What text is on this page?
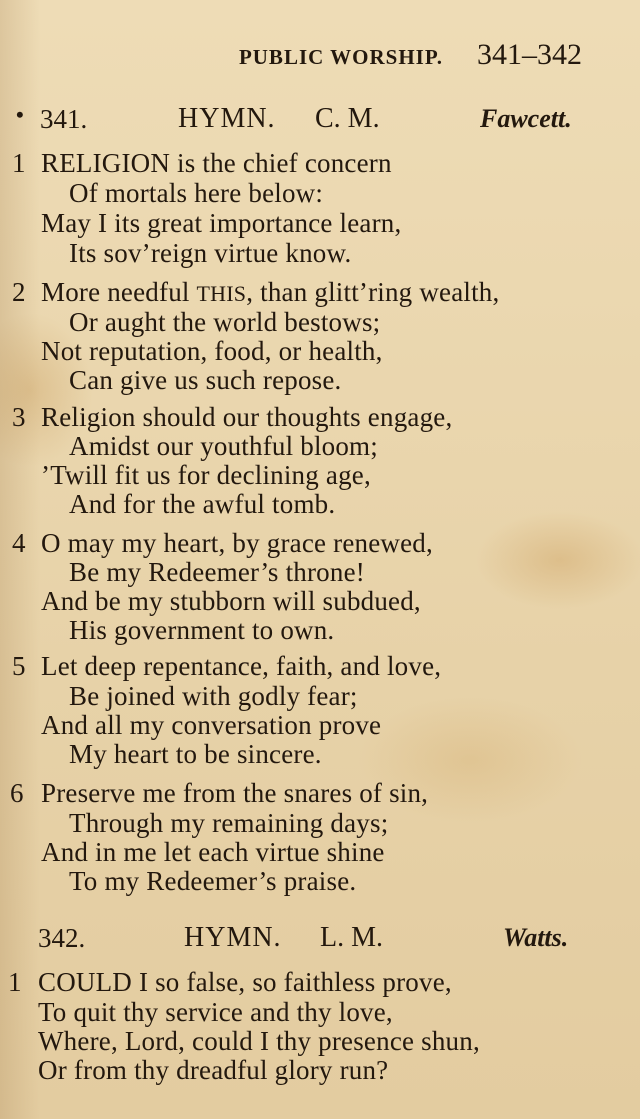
PUBLIC WORSHIP. 341–342
• 341.	HYMN. C. M.	Fawcett.
1 RELIGION is the chief concern
Of mortals here below:
May I its great importance learn,
Its sov’reign virtue know.
2 More needful THIS, than glitt’ring wealth,
Or aught the world bestows;
Not reputation, food, or health,
Can give us such repose.
3 Religion should our thoughts engage,
Amidst our youthful bloom;
’Twill fit us for declining age,
And for the awful tomb.
4 O may my heart, by grace renewed,
Be my Redeemer’s throne!
And be my stubborn will subdued,
His government to own.
5 Let deep repentance, faith, and love,
Be joined with godly fear;
And all my conversation prove
My heart to be sincere.
6 Preserve me from the snares of sin,
Through my remaining days;
And in me let each virtue shine
To my Redeemer’s praise.
342.	HYMN. L. M.	Watts.
1 COULD I so false, so faithless prove,
To quit thy service and thy love,
Where, Lord, could I thy presence shun,
Or from thy dreadful glory run?
